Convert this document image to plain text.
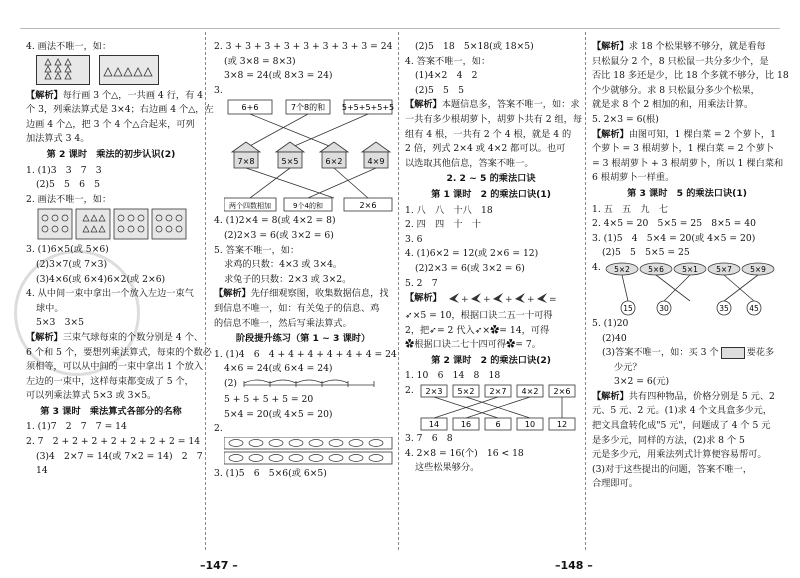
4. 画法不唯一，如：

【解析】每行画 3 个△，一共画 4 行，有 4
个 3，列乘法算式是 3×4；右边画 4 个△，左
边画 4 个△，把 3 个 4 个△合起来，可列
加法算式 3 4。
第 2 课时　乘法的初步认识(2)
1. (1)3　3　7　3
(2)5　5　6　5
2. 画法不唯一，如：
3. (1)6×5(或 5×6)
(2)3×7(或 7×3)
(3)4×6(或 6×4)6×2(或 2×6)
4. 从中间一束中拿出一个放入左边一束气
球中。
5×3　3×5
【解析】三束气球每束的个数分别是 4 个、
6 个和 5 个，要想列乘法算式，每束的个数必
须相等，可以从中间的一束中拿出 1 个放入
左边的一束中，这样每束都变成了 5 个，
可以列乘法算式 5×3 或 3×5。
第 3 课时　乘法算式各部分的名称
1. (1)7　2　7　7 = 14
2. 7　2 + 2 + 2 + 2 + 2 + 2 + 2 = 14
(3)4　2×7 = 14(或 7×2 = 14)　2　7
14
2. 3 + 3 + 3 + 3 + 3 + 3 + 3 + 3 = 24
(或 3×8 = 8×3)
3×8 = 24(或 8×3 = 24)
3.
6+6	7个8的和 5+5+5+5+5
7×8	5×5	6×2	4×9
两个四数相加	9个4的和	2×6
4. (1)2×4 = 8(或 4×2 = 8)
(2)2×3 = 6(或 3×2 = 6)
5. 答案不唯一，如：
求鸡的只数：4×3 或 3×4。
求兔子的只数：2×3 或 3×2。
【解析】先仔细观察图，收集数据信息，找
到信息不唯一，如：有关兔子的信息、鸡
的信息不唯一，然后写乘法算式。
阶段提升练习（第 1 ~ 3 课时）
1. (1)4　6　4 + 4 + 4 + 4 + 4 + 4 = 24
4×6 = 24(或 6×4 = 24)
(2)
5 + 5 + 5 + 5 = 20
5×4 = 20(或 4×5 = 20)
2.
3. (1)5　6　5×6(或 6×5)
(2)5　18　5×18(或 18×5)
4. 答案不唯一，如：
(1)4×2　4　2
(2)5　5　5
【解析】本题信息多，答案不唯一，如：求
一共有多少根胡萝卜，胡萝卜共有 2 组，每
组有 4 根，一共有 2 个 4 根，就是 4 的
2 倍，列式 2×4 或 4×2 都可以。也可
以选取其他信息，答案不唯一。
2. 2 ~ 5 的乘法口诀
第 1 课时　2 的乘法口诀(1)
1. 八　八　十八　18
2. 四　四　十　十
3. 6
4. (1)6×2 = 12(或 2×6 = 12)
(2)2×3 = 6(或 3×2 = 6)
5. 2　7
【解析】 + + + + =
➶×5 = 10，根据口诀二五一十可得
2，把➶= 2 代入➶×✿= 14，可得
✿根据口诀二七十四可得✿= 7。
第 2 课时　2 的乘法口诀(2)
1. 10　6　14　8　18
2. 2×3 5×2 2×7 4×2 2×6
14	16	6	10	12
3. 7　6　8
4. 2×8 = 16(个)　16 < 18
这些松果够分。
【解析】求 18 个松果够不够分，就是看每
只松鼠分 2 个，8 只松鼠一共分多少个，是
否比 18 多还是少，比 18 个多就不够分，比 18
个少就够分。求 8 只松鼠分多少个松果，
就是求 8 个 2 相加的和，用乘法计算。
5. 2×3 = 6(根)
【解析】由图可知，1 棵白菜 = 2 个萝卜，1
个萝卜 = 3 根胡萝卜，1 棵白菜 = 2 个萝卜
= 3 根胡萝卜 + 3 根胡萝卜，所以 1 棵白菜和
6 根胡萝卜一样重。
第 3 课时　5 的乘法口诀(1)
1. 五　五　九　七
2. 4×5 = 20　5×5 = 25　8×5 = 40
3. (1)5　4　5×4 = 20(或 4×5 = 20)
(2)5　5　5×5 = 25
4. 5×2 5×6 5×1 5×7 5×9
15	30	35	45
5. (1)20
(2)40
(3)答案不唯一，如：买 3 个	要花多
少元？
3×2 = 6(元)
【解析】共有四种物品，价格分别是 5 元、2
元、5 元、2 元。(1)求 4 个文具盒多少元，
把文具盒转化成"5 元"，问题成了 4 个 5 元
是多少元，同样的方法，(2)求 8 个 5
元是多少元，用乘法列式计算便容易帮可。
(3)对于这些提出的问题，答案不唯一，
合理即可。
–147 –	–148 –
